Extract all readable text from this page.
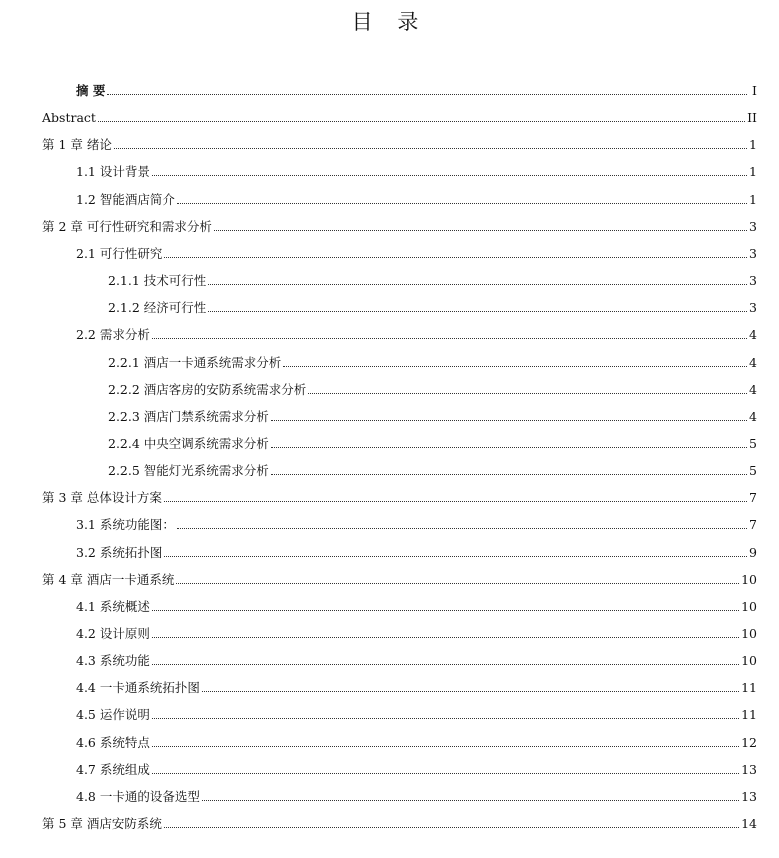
目 录
摘 要	I
Abstract	II
第 1 章 绪论	1
1.1 设计背景	1
1.2 智能酒店简介	1
第 2 章 可行性研究和需求分析	3
2.1 可行性研究	3
2.1.1 技术可行性	3
2.1.2 经济可行性	3
2.2 需求分析	4
2.2.1 酒店一卡通系统需求分析	4
2.2.2 酒店客房的安防系统需求分析	4
2.2.3 酒店门禁系统需求分析	4
2.2.4 中央空调系统需求分析	5
2.2.5 智能灯光系统需求分析	5
第 3 章 总体设计方案	7
3.1 系统功能图：	7
3.2 系统拓扑图	9
第 4 章 酒店一卡通系统	10
4.1 系统概述	10
4.2 设计原则	10
4.3 系统功能	10
4.4 一卡通系统拓扑图	11
4.5 运作说明	11
4.6 系统特点	12
4.7 系统组成	13
4.8 一卡通的设备选型	13
第 5 章 酒店安防系统	14
